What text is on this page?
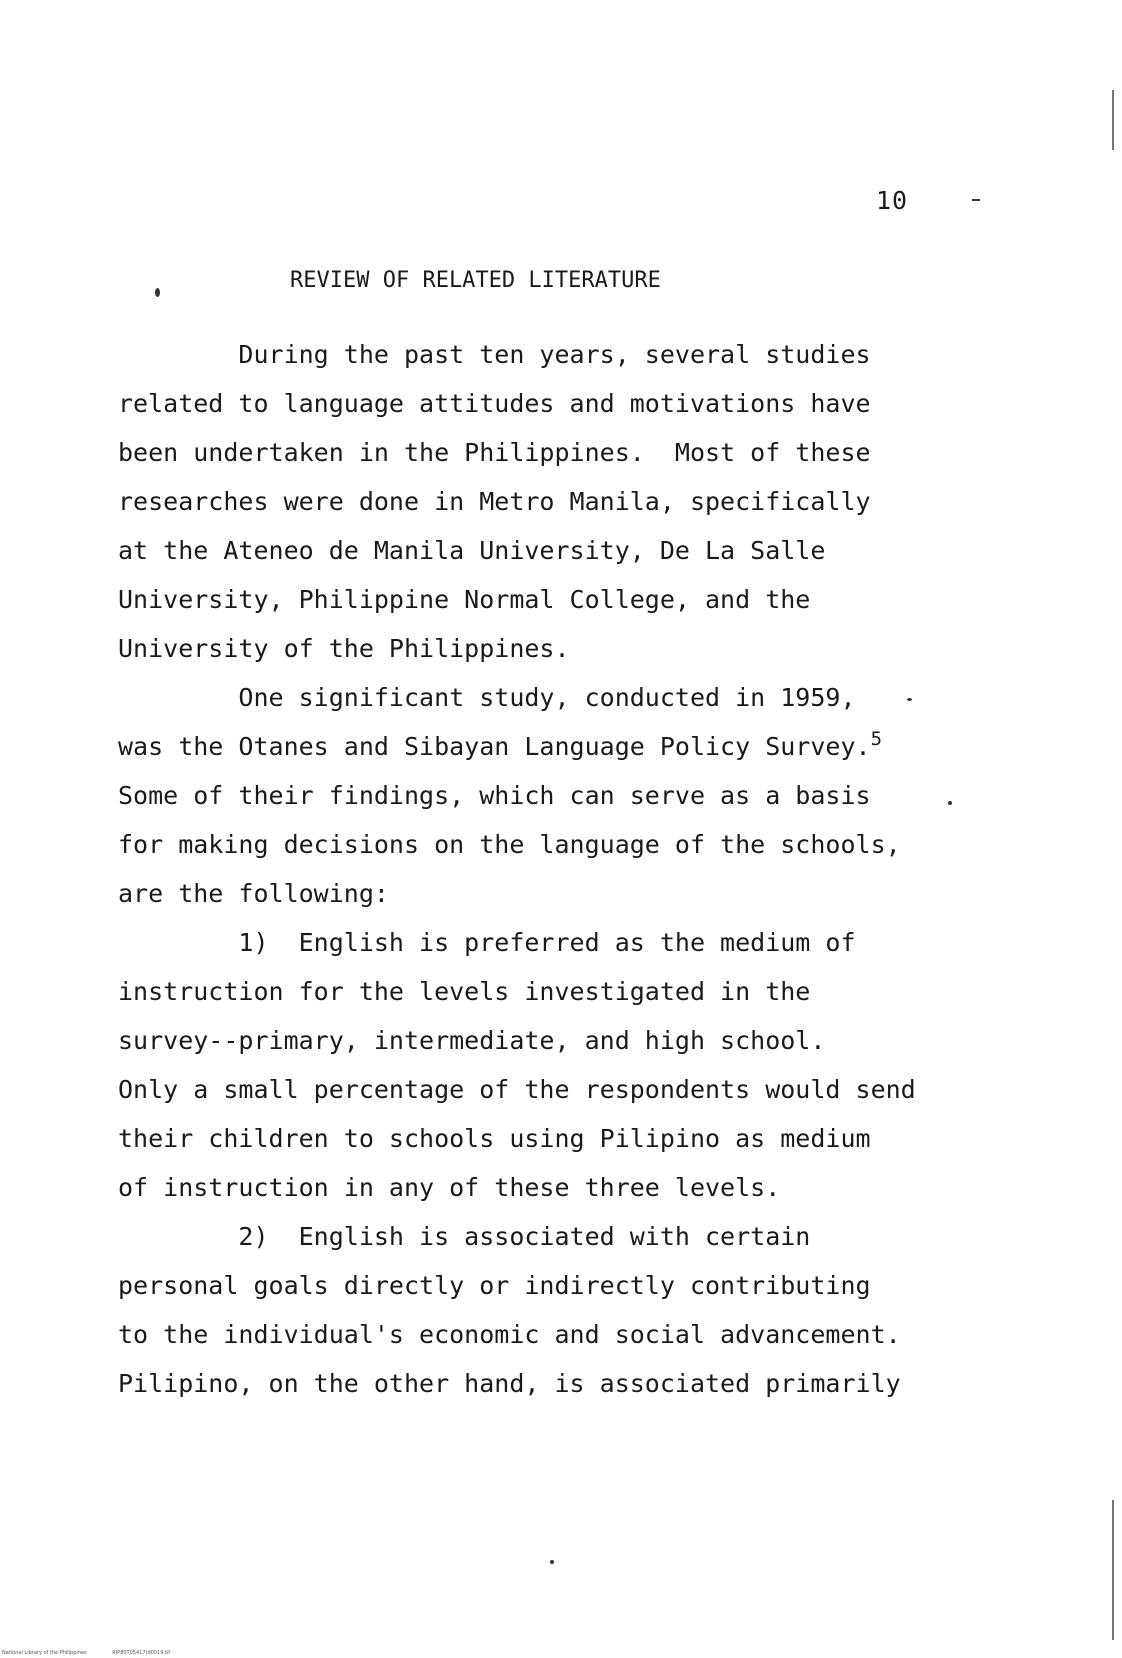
10
REVIEW OF RELATED LITERATURE
During the past ten years, several studies
related to language attitudes and motivations have
been undertaken in the Philippines.  Most of these
researches were done in Metro Manila, specifically
at the Ateneo de Manila University, De La Salle
University, Philippine Normal College, and the
University of the Philippines.
One significant study, conducted in 1959,
was the Otanes and Sibayan Language Policy Survey.$^5$
Some of their findings, which can serve as a basis
for making decisions on the language of the schools,
are the following:
1)  English is preferred as the medium of
instruction for the levels investigated in the
survey--primary, intermediate, and high school.
Only a small percentage of the respondents would send
their children to schools using Pilipino as medium
of instruction in any of these three levels.
2)  English is associated with certain
personal goals directly or indirectly contributing
to the individual's economic and social advancement.
Pilipino, on the other hand, is associated primarily
National Library of the Philippines	RIP80T05417(d0019.tif
